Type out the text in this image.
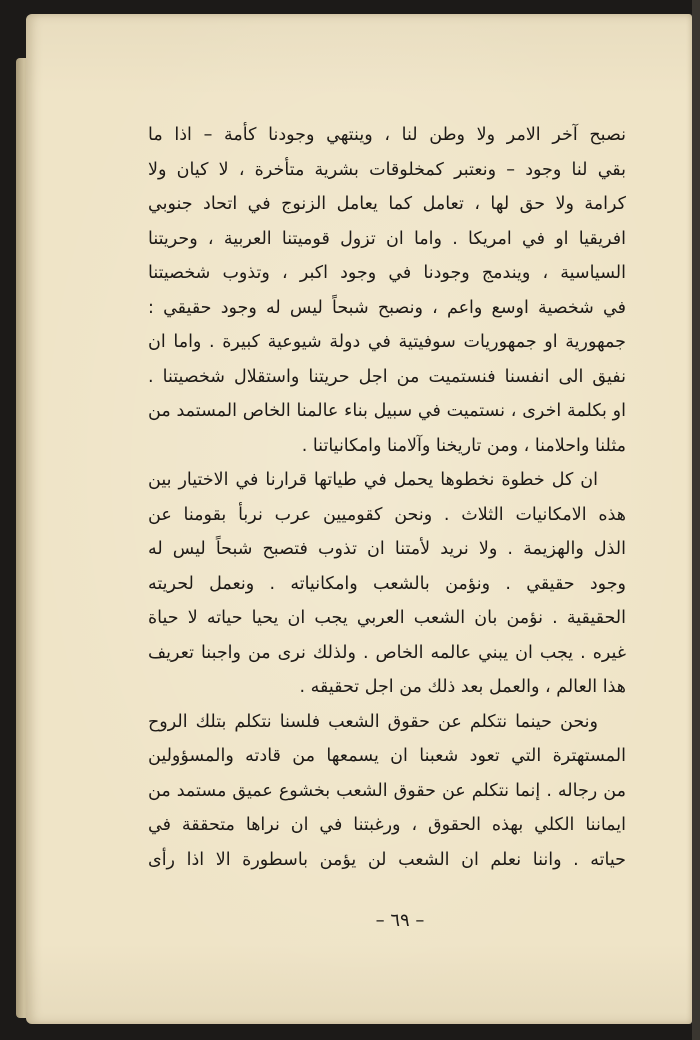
نصبح آخر الامر ولا وطن لنا ، وينتهي وجودنا كأمة – اذا ما
بقي لنا وجود – ونعتبر كمخلوقات بشرية متأخرة ، لا كيان ولا
كرامة ولا حق لها ، تعامل كما يعامل الزنوج في اتحاد جنوبي
افريقيا او في امريكا . واما ان تزول قوميتنا العربية ، وحريتنا
السياسية ، ويندمج وجودنا في وجود اكبر ، وتذوب شخصيتنا
في شخصية اوسع واعم ، ونصبح شبحاً ليس له وجود حقيقي :
جمهورية او جمهوريات سوفيتية في دولة شيوعية كبيرة . واما ان
نفيق الى انفسنا فنستميت من اجل حريتنا واستقلال شخصيتنا .
او بكلمة اخرى ، نستميت في سبيل بناء عالمنا الخاص المستمد من
مثلنا واحلامنا ، ومن تاريخنا وآلامنا وامكانياتنا .
ان كل خطوة نخطوها يحمل في طياتها قرارنا في الاختيار بين
هذه الامكانيات الثلاث . ونحن كقوميين عرب نربأ بقومنا عن
الذل والهزيمة . ولا نريد لأمتنا ان تذوب فتصبح شبحاً ليس له
وجود حقيقي . ونؤمن بالشعب وامكانياته . ونعمل لحريته
الحقيقية . نؤمن بان الشعب العربي يجب ان يحيا حياته لا حياة
غيره . يجب ان يبني عالمه الخاص . ولذلك نرى من واجبنا تعريف
هذا العالم ، والعمل بعد ذلك من اجل تحقيقه .
ونحن حينما نتكلم عن حقوق الشعب فلسنا نتكلم بتلك الروح
المستهترة التي تعود شعبنا ان يسمعها من قادته والمسؤولين
من رجاله . إنما نتكلم عن حقوق الشعب بخشوع عميق مستمد من
ايماننا الكلي بهذه الحقوق ، ورغبتنا في ان نراها متحققة في
حياته . واننا نعلم ان الشعب لن يؤمن باسطورة الا اذا رأى
– ٦٩ –
